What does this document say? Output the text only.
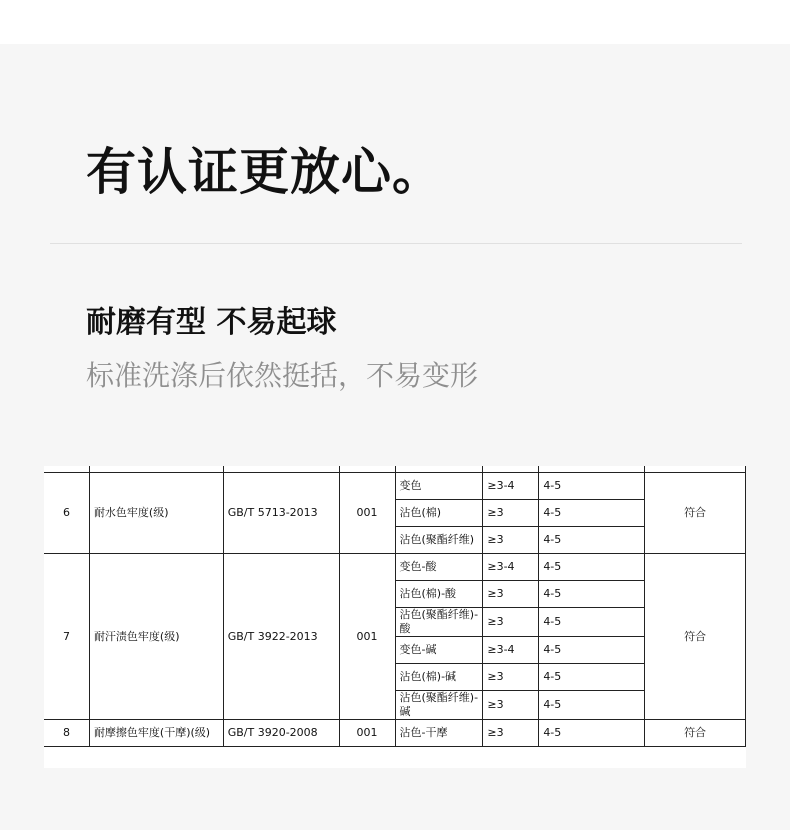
有认证更放心。
耐磨有型 不易起球
标准洗涤后依然挺括，不易变形

6	耐水色牢度(级)	GB/T 5713-2013	001	变色	≥3-4	4-5	符合
				沾色(棉)	≥3	4-5	
				沾色(聚酯纤维)	≥3	4-5	
7	耐汗渍色牢度(级)	GB/T 3922-2013	001	变色-酸	≥3-4	4-5	符合
				沾色(棉)-酸	≥3	4-5	
				沾色(聚酯纤维)-酸	≥3	4-5	
				变色-碱	≥3-4	4-5	
				沾色(棉)-碱	≥3	4-5	
				沾色(聚酯纤维)-碱	≥3	4-5	
8	耐摩擦色牢度(干摩)(级)	GB/T 3920-2008	001	沾色-干摩	≥3	4-5	符合
